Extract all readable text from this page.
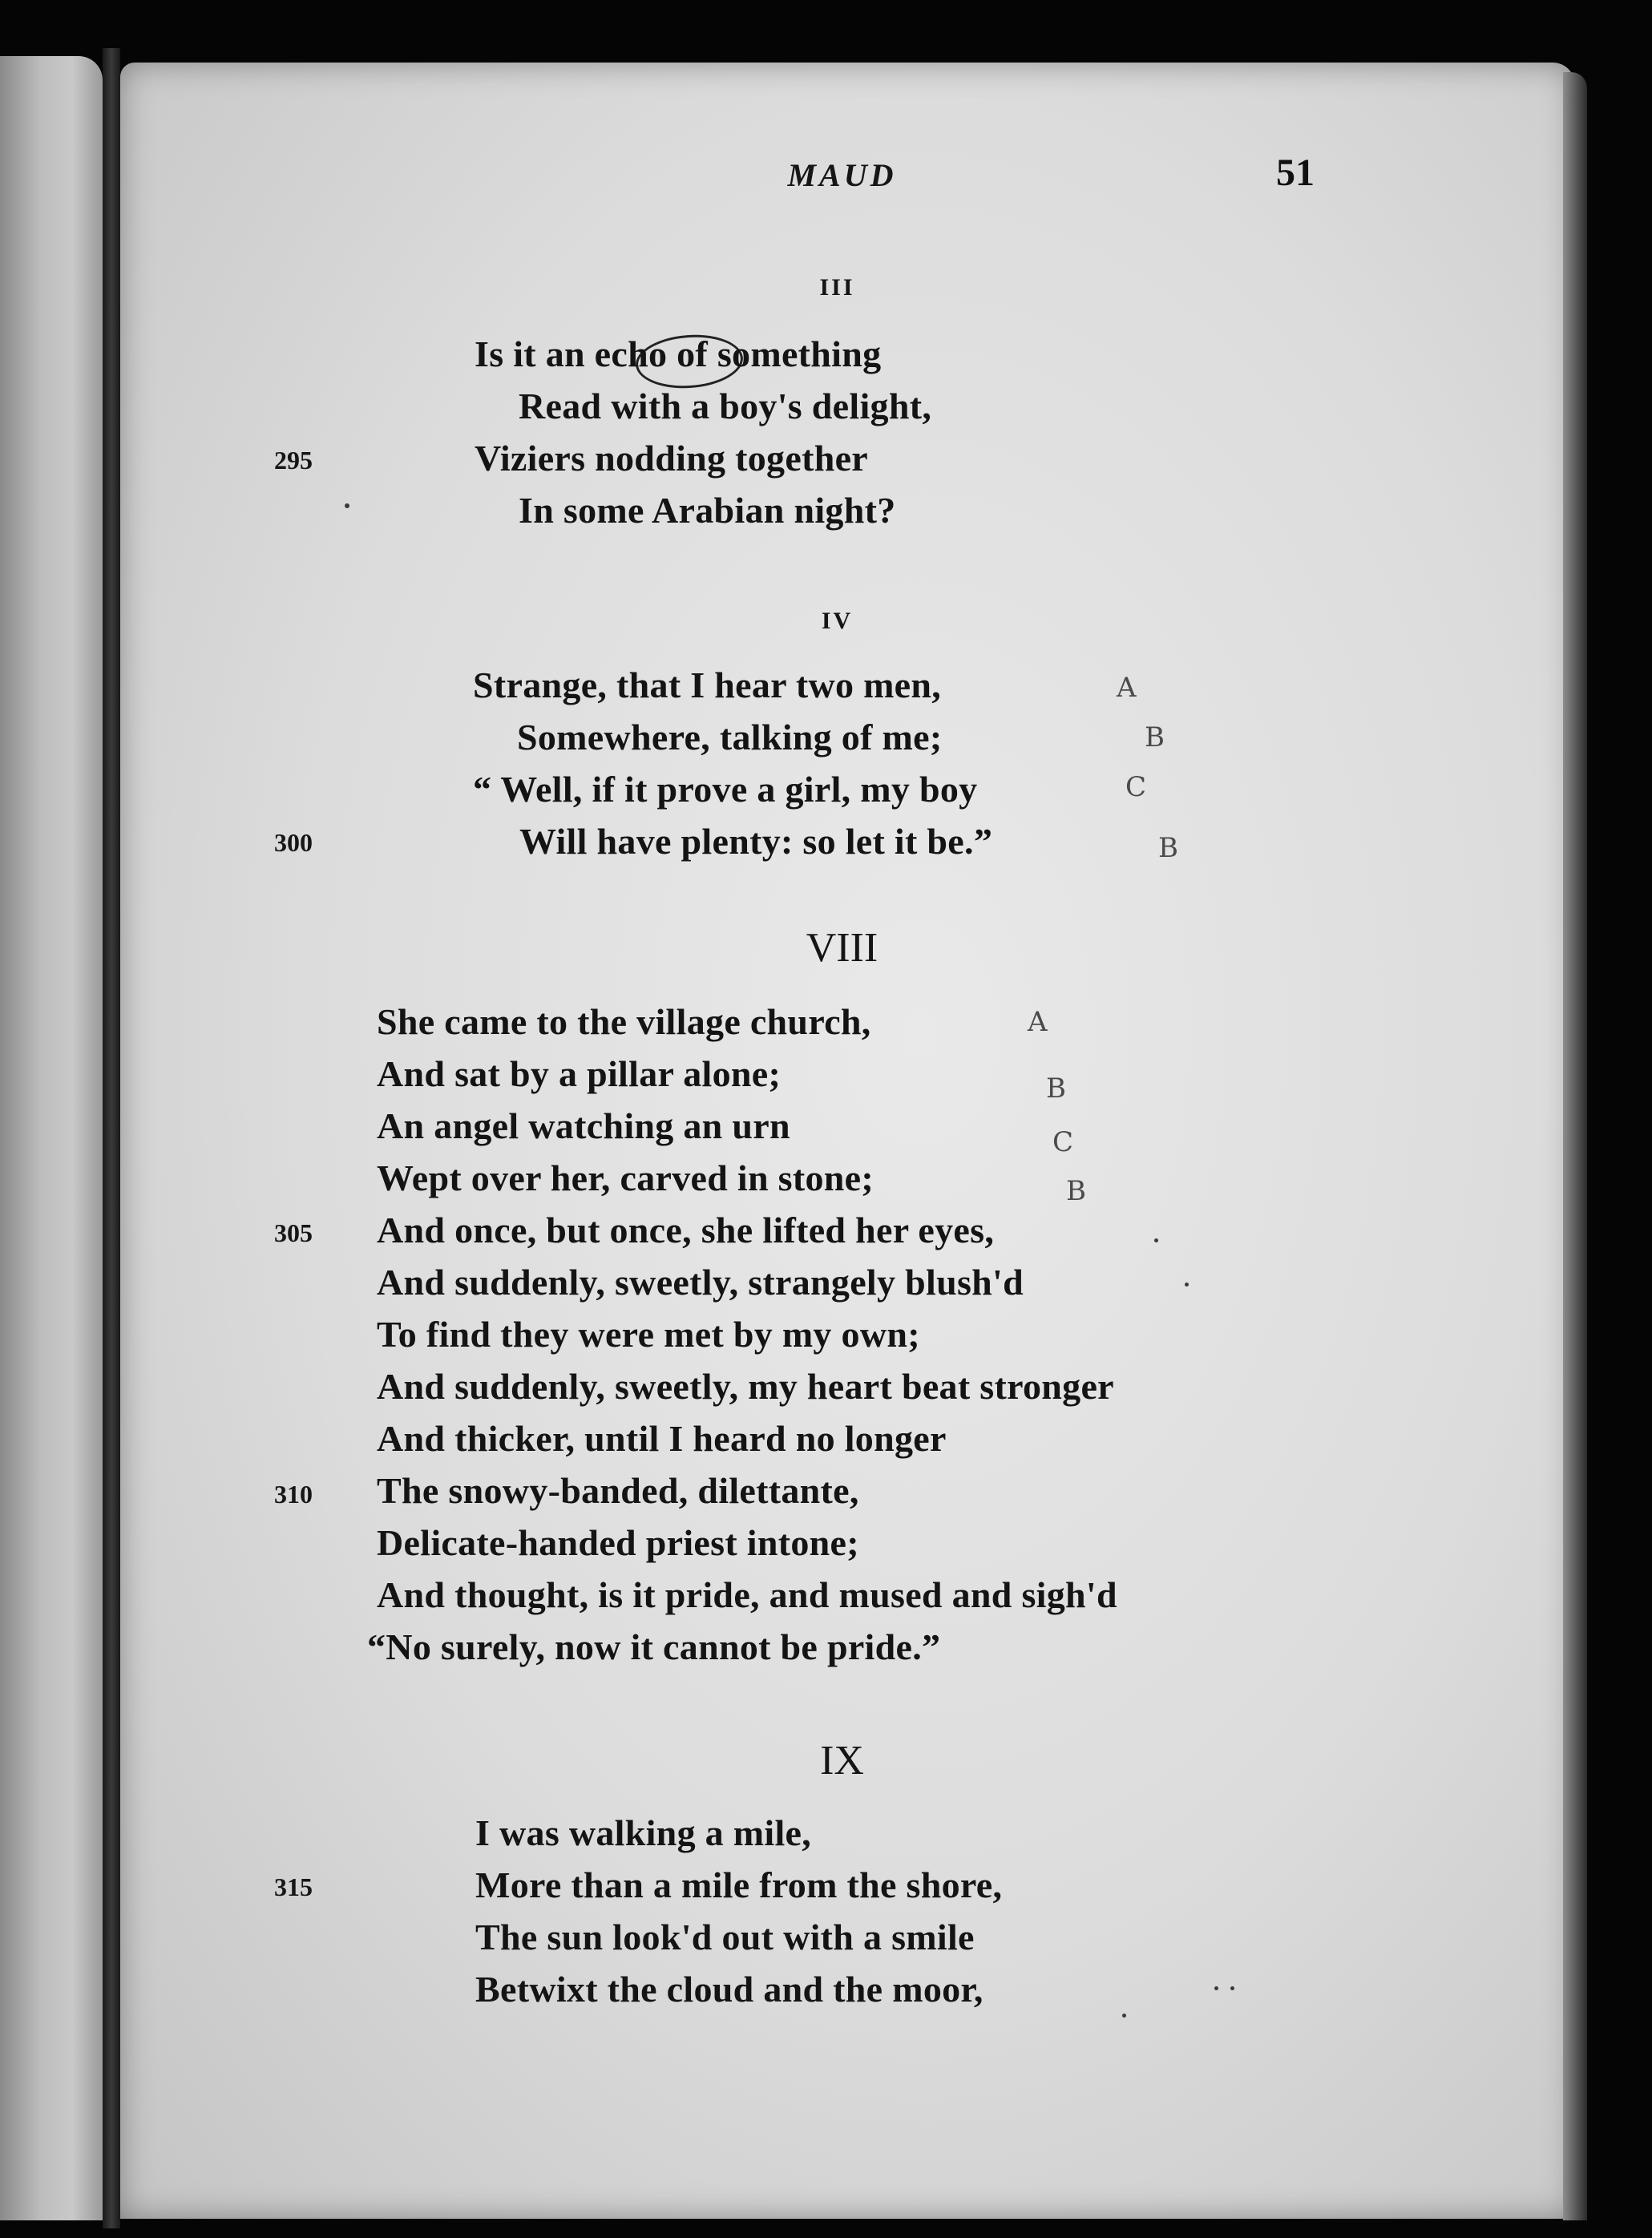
MAUD	51
III
Is it an echo of something
Read with a boy's delight,
295	Viziers nodding together
In some Arabian night?
IV
Strange, that I hear two men,	A
Somewhere, talking of me;	B
“ Well, if it prove a girl, my boy	C
300	Will have plenty: so let it be.”	B
VIII
She came to the village church,	A
And sat by a pillar alone;	B
An angel watching an urn	C
Wept over her, carved in stone;	B
305 And once, but once, she lifted her eyes,
And suddenly, sweetly, strangely blush'd
To find they were met by my own;
And suddenly, sweetly, my heart beat stronger
And thicker, until I heard no longer
310 The snowy-banded, dilettante,
Delicate-handed priest intone;
And thought, is it pride, and mused and sigh'd
“No surely, now it cannot be pride.”
IX
I was walking a mile,
315	More than a mile from the shore,
The sun look'd out with a smile
Betwixt the cloud and the moor,
